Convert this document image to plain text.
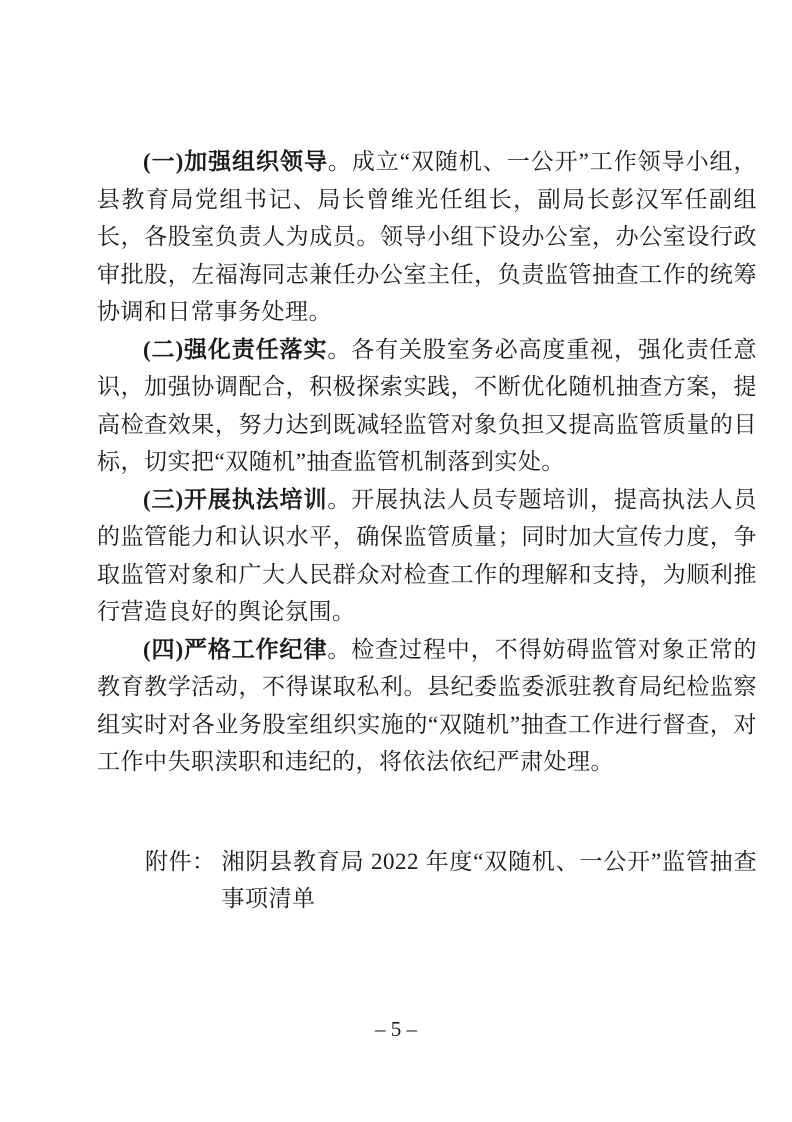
(一)加强组织领导。成立“双随机、一公开”工作领导小组，县教育局党组书记、局长曾维光任组长，副局长彭汉军任副组长，各股室负责人为成员。领导小组下设办公室，办公室设行政审批股，左福海同志兼任办公室主任，负责监管抽查工作的统筹协调和日常事务处理。

(二)强化责任落实。各有关股室务必高度重视，强化责任意识，加强协调配合，积极探索实践，不断优化随机抽查方案，提高检查效果，努力达到既减轻监管对象负担又提高监管质量的目标，切实把“双随机”抽查监管机制落到实处。

(三)开展执法培训。开展执法人员专题培训，提高执法人员的监管能力和认识水平，确保监管质量；同时加大宣传力度，争取监管对象和广大人民群众对检查工作的理解和支持，为顺利推行营造良好的舆论氛围。

(四)严格工作纪律。检查过程中，不得妨碍监管对象正常的教育教学活动，不得谋取私利。县纪委监委派驻教育局纪检监察组实时对各业务股室组织实施的“双随机”抽查工作进行督查，对工作中失职渎职和违纪的，将依法依纪严肃处理。

附件： 湘阴县教育局 2022 年度“双随机、一公开”监管抽查事项清单
– 5 –
